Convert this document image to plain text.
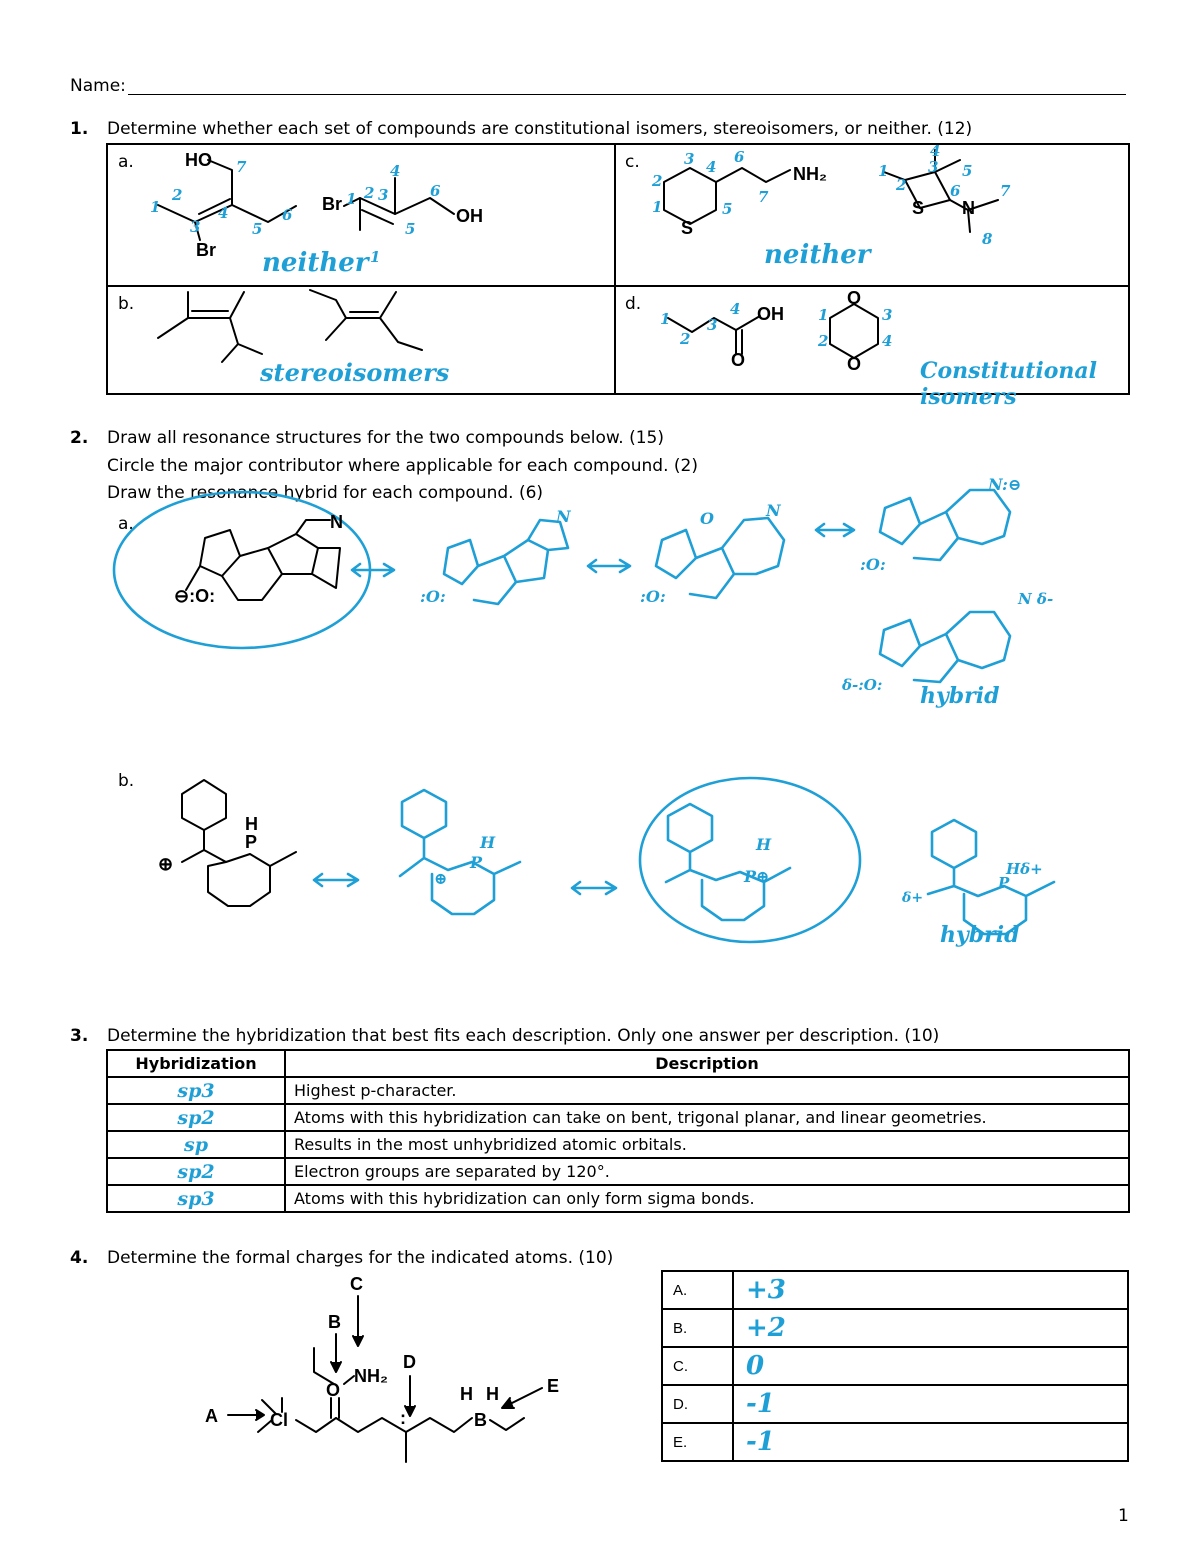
Name:
1. Determine whether each set of compounds are constitutional isomers, stereoisomers, or neither. (12)
a.	c.
b.	d.
neither	neither
stereoisomers	Constitutional isomers
HO
Br
Br
OH
1
2
3
4
5
6
7
1 2 3
4
5
6
1
S
NH₂
S N
1
2
3 4
5
6
7
1
2
3
4
5
6	7
8
OH
O
O
O
1
2
3
4	1
2
3
4
2. Draw all resonance structures for the two compounds below. (15)
Circle the major contributor where applicable for each compound. (2)
Draw the resonance hybrid for each compound. (6)
a.
b.
hybrid
hybrid
⊖:O:
N
:O:
N
:O:
O	N
:O:
N:⊖
δ-:O:
N δ-
P
H
⊕
H
P
⊕
H
P⊕
δ+
Hδ+
P
3. Determine the hybridization that best fits each description. Only one answer per description. (10)
Hybridization	Description
sp3	Highest p-character.
sp2	Atoms with this hybridization can take on bent, trigonal planar, and linear geometries.
sp	Results in the most unhybridized atomic orbitals.
sp2	Electron groups are separated by 120°.
sp3	Atoms with this hybridization can only form sigma bonds.
4. Determine the formal charges for the indicated atoms. (10)
A
B
C
D
E
Cl
O
NH₂
:	B
H H
A.	+3
B.	+2
C.	0
D.	-1
E.	-1
1
